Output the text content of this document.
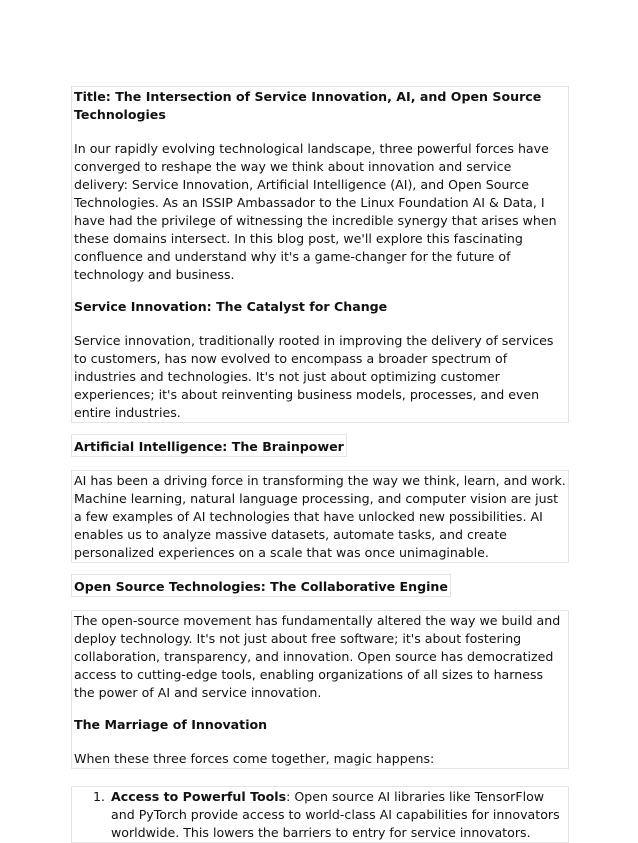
Title: The Intersection of Service Innovation, AI, and Open Source Technologies

In our rapidly evolving technological landscape, three powerful forces have converged to reshape the way we think about innovation and service delivery: Service Innovation, Artificial Intelligence (AI), and Open Source Technologies. As an ISSIP Ambassador to the Linux Foundation AI & Data, I have had the privilege of witnessing the incredible synergy that arises when these domains intersect. In this blog post, we'll explore this fascinating confluence and understand why it's a game-changer for the future of technology and business.

Service Innovation: The Catalyst for Change

Service innovation, traditionally rooted in improving the delivery of services to customers, has now evolved to encompass a broader spectrum of industries and technologies. It's not just about optimizing customer experiences; it's about reinventing business models, processes, and even entire industries.

Artificial Intelligence: The Brainpower

AI has been a driving force in transforming the way we think, learn, and work. Machine learning, natural language processing, and computer vision are just a few examples of AI technologies that have unlocked new possibilities. AI enables us to analyze massive datasets, automate tasks, and create personalized experiences on a scale that was once unimaginable.

Open Source Technologies: The Collaborative Engine

The open-source movement has fundamentally altered the way we build and deploy technology. It's not just about free software; it's about fostering collaboration, transparency, and innovation. Open source has democratized access to cutting-edge tools, enabling organizations of all sizes to harness the power of AI and service innovation.

The Marriage of Innovation

When these three forces come together, magic happens:

1. Access to Powerful Tools: Open source AI libraries like TensorFlow and PyTorch provide access to world-class AI capabilities for innovators worldwide. This lowers the barriers to entry for service innovators.
